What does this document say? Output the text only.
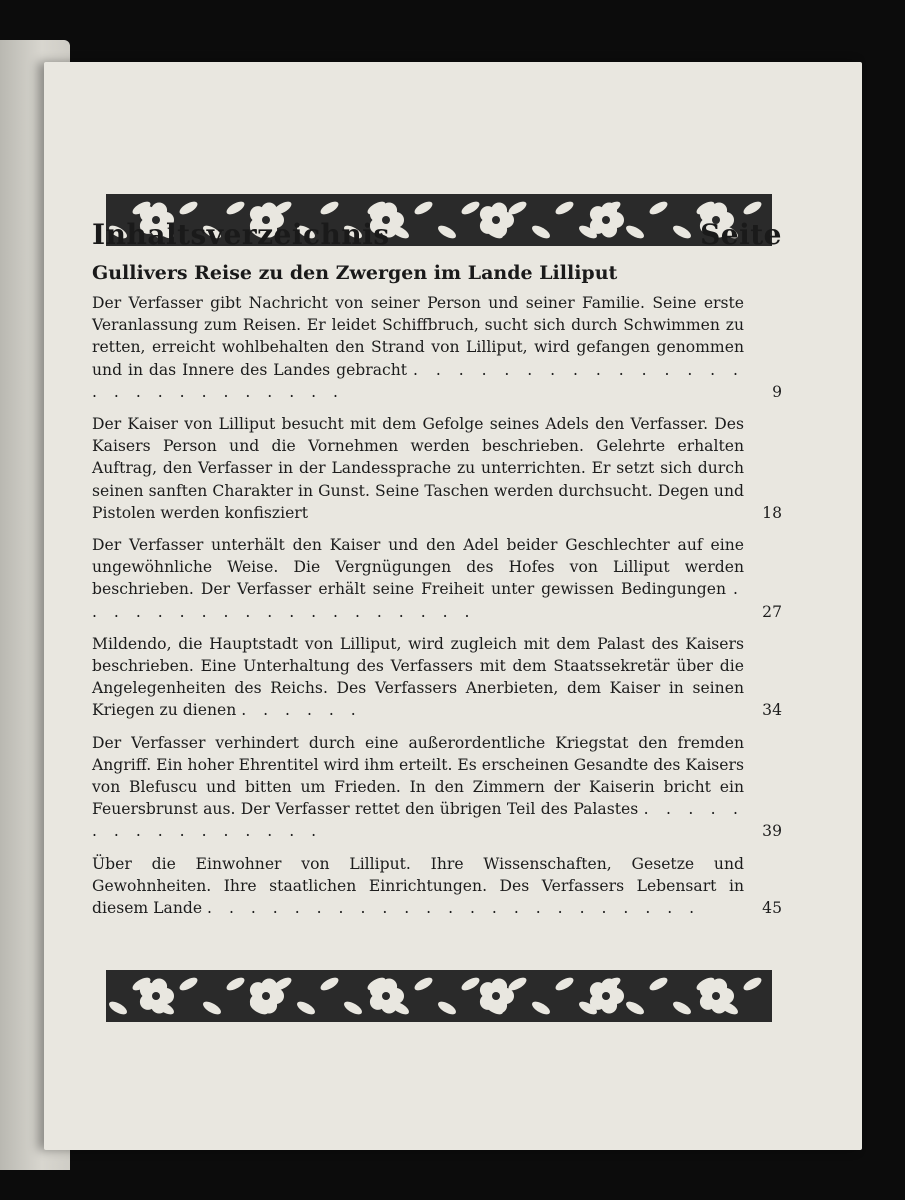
Inhaltsverzeichnis	Seite
Gullivers Reise zu den Zwergen im Lande Lilliput
Der Verfasser gibt Nachricht von seiner Person und seiner Familie. Seine erste Veranlassung zum Reisen. Er leidet Schiffbruch, sucht sich durch Schwimmen zu retten, erreicht wohlbehalten den Strand von Lilliput, wird gefangen genommen und in das Innere des Landes gebracht . . . . . . . . . . . . . . . . . . . . . . . . . . .	9
Der Kaiser von Lilliput besucht mit dem Gefolge seines Adels den Verfasser. Des Kaisers Person und die Vornehmen werden beschrieben. Gelehrte erhalten Auftrag, den Verfasser in der Landessprache zu unterrichten. Er setzt sich durch seinen sanften Charakter in Gunst. Seine Taschen werden durchsucht. Degen und Pistolen werden konfisziert	18
Der Verfasser unterhält den Kaiser und den Adel beider Geschlechter auf eine ungewöhnliche Weise. Die Vergnügungen des Hofes von Lilliput werden beschrieben. Der Verfasser erhält seine Freiheit unter gewissen Bedingungen . . . . . . . . . . . . . . . . . . .	27
Mildendo, die Hauptstadt von Lilliput, wird zugleich mit dem Palast des Kaisers beschrieben. Eine Unterhaltung des Verfassers mit dem Staatssekretär über die Angelegenheiten des Reichs. Des Verfassers Anerbieten, dem Kaiser in seinen Kriegen zu dienen . . . . . .	34
Der Verfasser verhindert durch eine außerordentliche Kriegstat den fremden Angriff. Ein hoher Ehrentitel wird ihm erteilt. Es erscheinen Gesandte des Kaisers von Blefuscu und bitten um Frieden. In den Zimmern der Kaiserin bricht ein Feuersbrunst aus. Der Verfasser rettet den übrigen Teil des Palastes . . . . . . . . . . . . . . . .	39
Über die Einwohner von Lilliput. Ihre Wissenschaften, Gesetze und Gewohnheiten. Ihre staatlichen Einrichtungen. Des Verfassers Lebensart in diesem Lande . . . . . . . . . . . . . . . . . . . . . . .	45
